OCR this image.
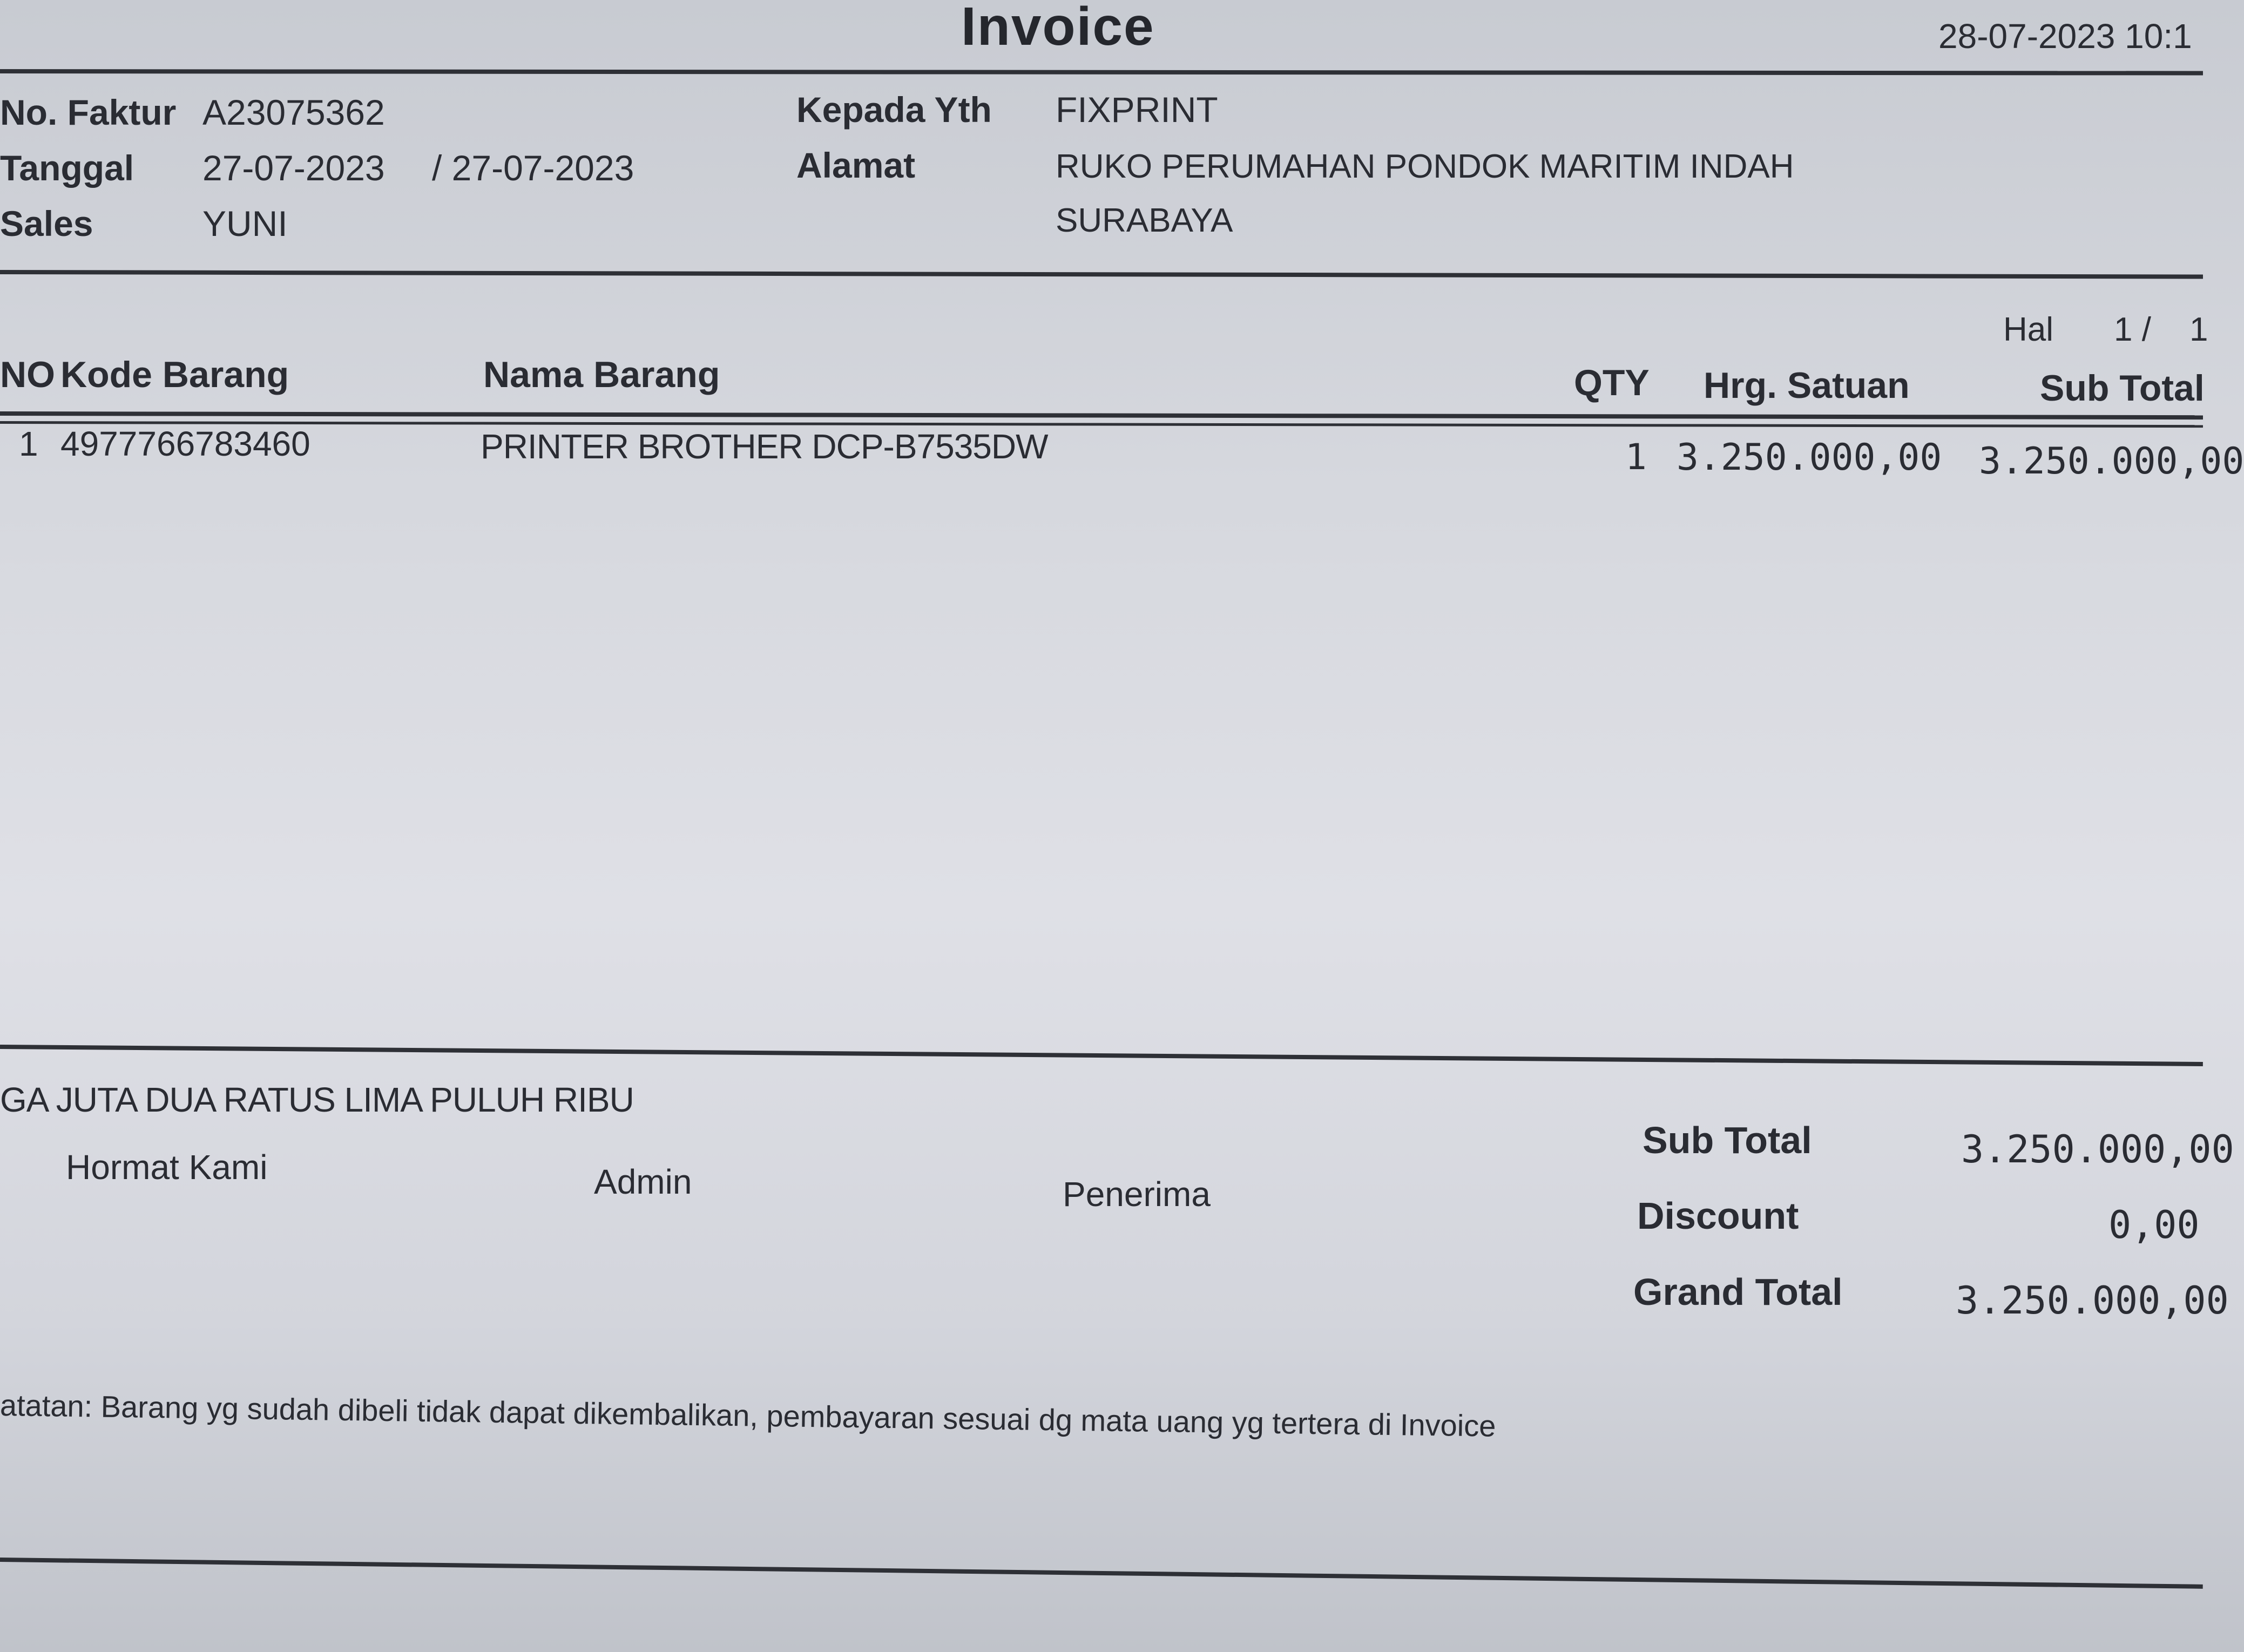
Invoice	28-07-2023 10:1
No. Faktur A23075362
Tanggal 27-07-2023 / 27-07-2023
Sales	YUNI
Kepada Yth FIXPRINT
Alamat	RUKO PERUMAHAN PONDOK MARITIM INDAH
SURABAYA
Hal 1 / 1
NO Kode Barang	Nama Barang	QTY Hrg. Satuan	Sub Total
1 4977766783460	PRINTER BROTHER DCP-B7535DW	1 3.250.000,00 3.250.000,00
GA JUTA DUA RATUS LIMA PULUH RIBU
Hormat Kami	Admin	Penerima
Sub Total	3.250.000,00
Discount	0,00
Grand Total	3.250.000,00
atatan: Barang yg sudah dibeli tidak dapat dikembalikan, pembayaran sesuai dg mata uang yg tertera di Invoice
